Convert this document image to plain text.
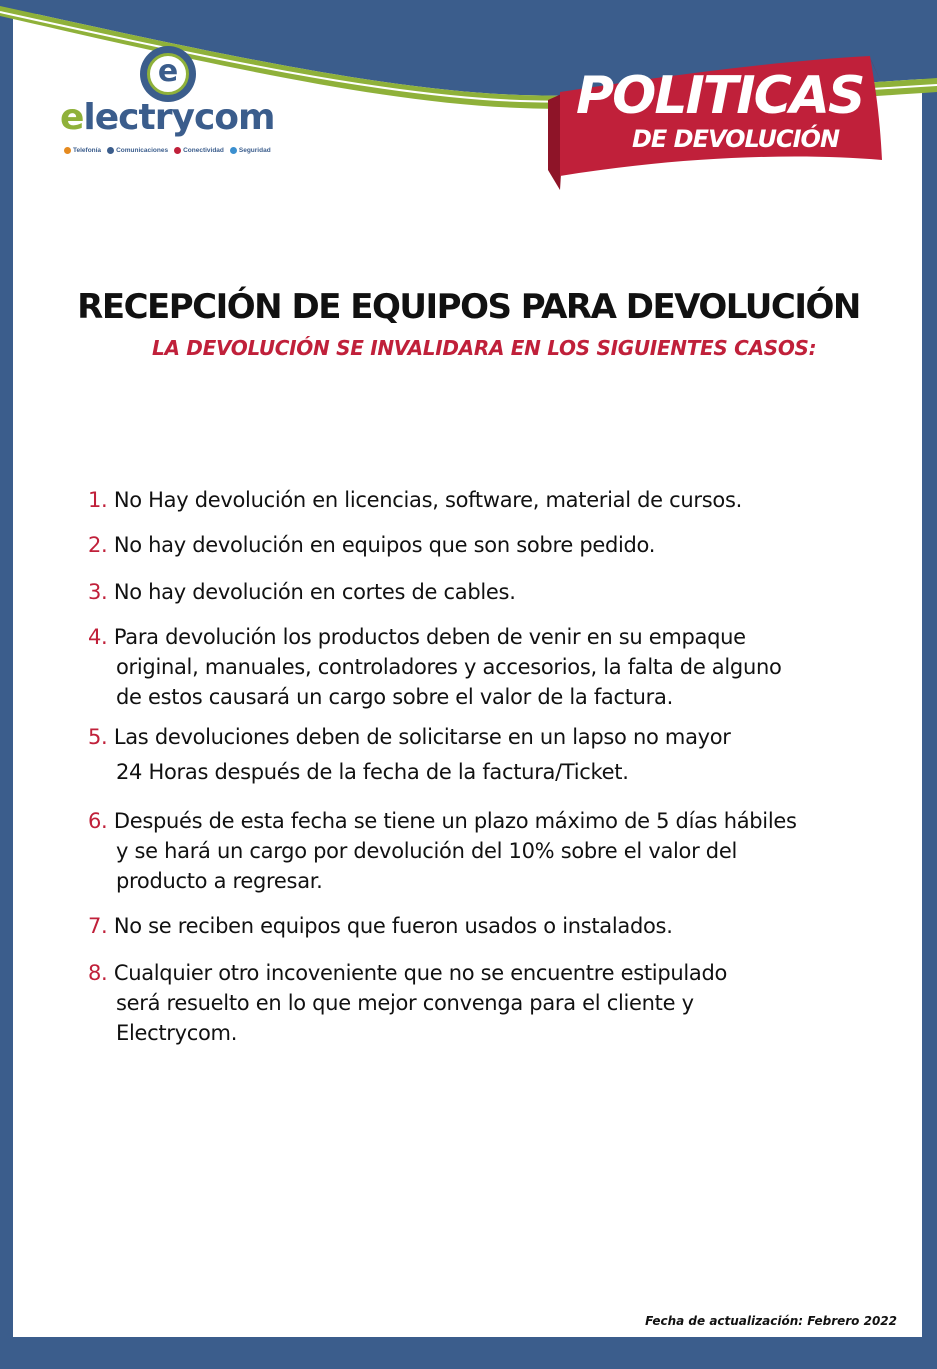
e
electrycom
Telefonía Comunicaciones Conectividad Seguridad
POLITICAS
DE DEVOLUCIÓN
RECEPCIÓN DE EQUIPOS PARA DEVOLUCIÓN
LA DEVOLUCIÓN SE INVALIDARA EN LOS SIGUIENTES CASOS:
1. No Hay devolución en licencias, software, material de cursos.
2. No hay devolución en equipos que son sobre pedido.
3. No hay devolución en cortes de cables.
4. Para devolución los productos deben de venir en su empaque
original, manuales, controladores y accesorios, la falta de alguno
de estos causará un cargo sobre el valor de la factura.
5. Las devoluciones deben de solicitarse en un lapso no mayor
24 Horas después de la fecha de la factura/Ticket.
6. Después de esta fecha se tiene un plazo máximo de 5 días hábiles
y se hará un cargo por devolución del 10% sobre el valor del
producto a regresar.
7. No se reciben equipos que fueron usados o instalados.
8. Cualquier otro incoveniente que no se encuentre estipulado
será resuelto en lo que mejor convenga para el cliente y
Electrycom.
Fecha de actualización: Febrero 2022
